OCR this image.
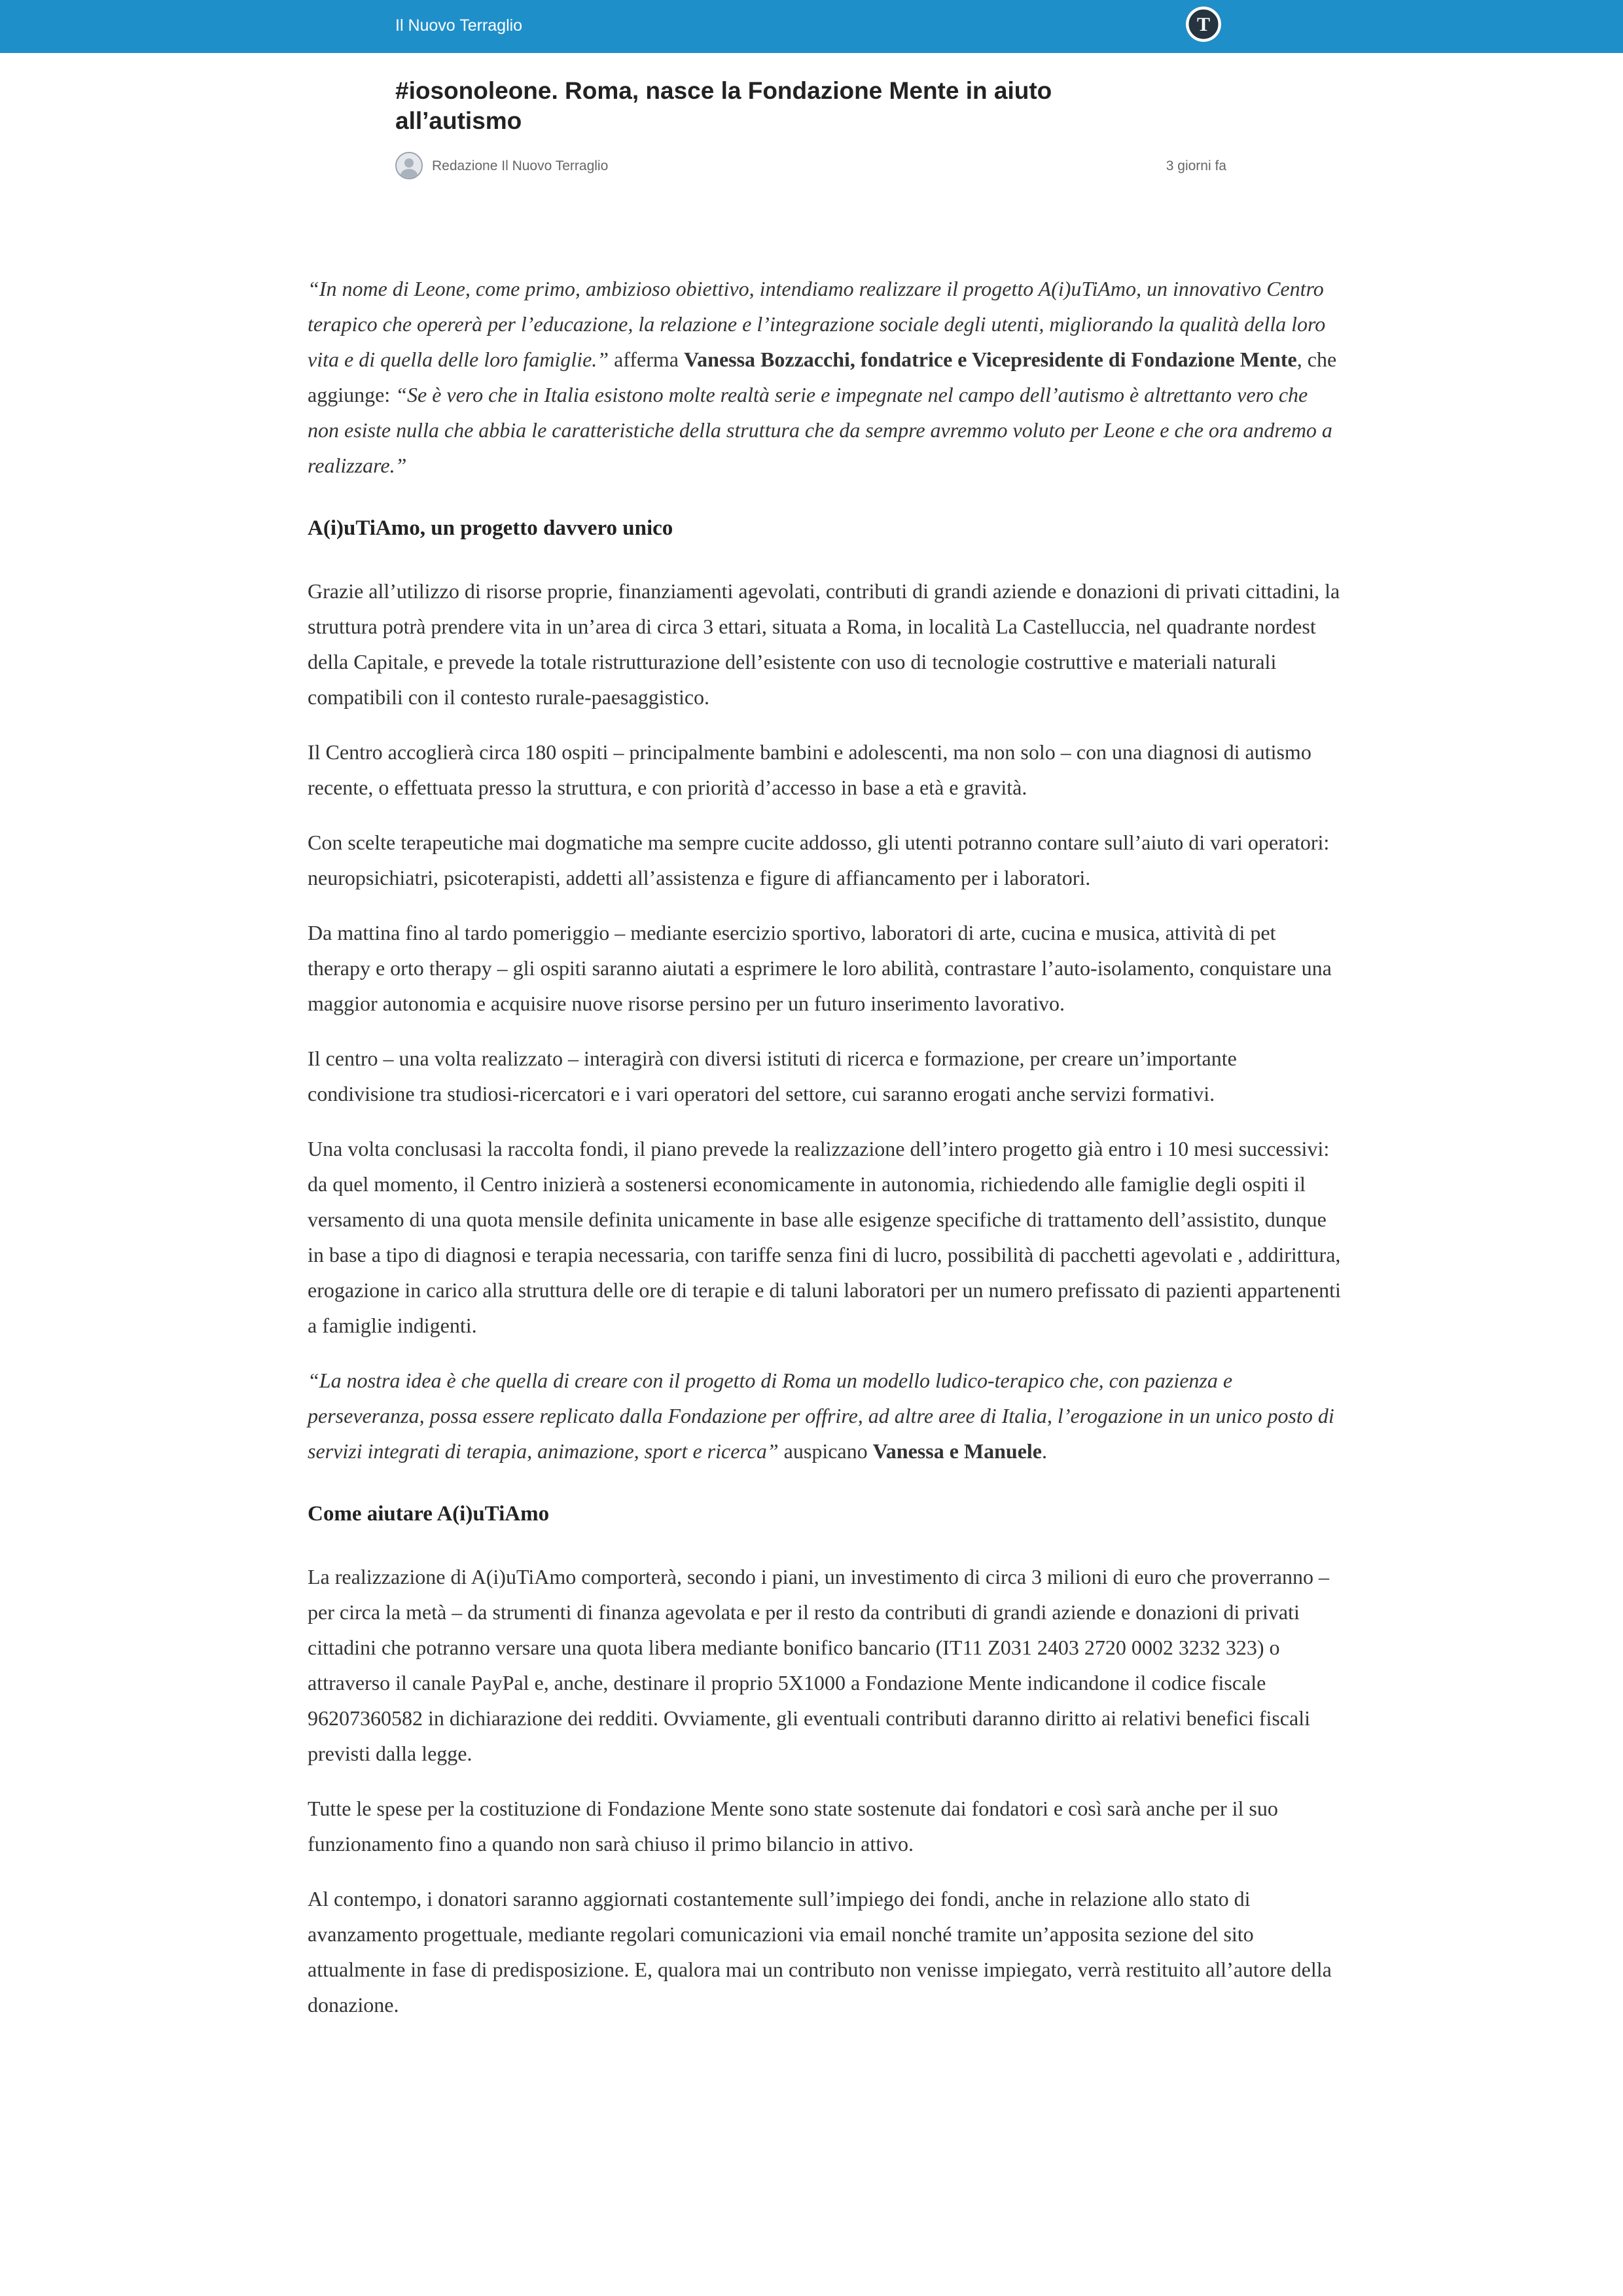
Il Nuovo Terraglio	T
#iosonoleone. Roma, nasce la Fondazione Mente in aiuto all’autismo
Redazione Il Nuovo Terraglio	3 giorni fa

“In nome di Leone, come primo, ambizioso obiettivo, intendiamo realizzare il progetto A(i)uTiAmo, un innovativo Centro terapico che opererà per l’educazione, la relazione e l’integrazione sociale degli utenti, migliorando la qualità della loro vita e di quella delle loro famiglie.” afferma Vanessa Bozzacchi, fondatrice e Vicepresidente di Fondazione Mente, che aggiunge: “Se è vero che in Italia esistono molte realtà serie e impegnate nel campo dell’autismo è altrettanto vero che non esiste nulla che abbia le caratteristiche della struttura che da sempre avremmo voluto per Leone e che ora andremo a realizzare.”

A(i)uTiAmo, un progetto davvero unico

Grazie all’utilizzo di risorse proprie, finanziamenti agevolati, contributi di grandi aziende e donazioni di privati cittadini, la struttura potrà prendere vita in un’area di circa 3 ettari, situata a Roma, in località La Castelluccia, nel quadrante nordest della Capitale, e prevede la totale ristrutturazione dell’esistente con uso di tecnologie costruttive e materiali naturali compatibili con il contesto rurale-paesaggistico.

Il Centro accoglierà circa 180 ospiti – principalmente bambini e adolescenti, ma non solo – con una diagnosi di autismo recente, o effettuata presso la struttura, e con priorità d’accesso in base a età e gravità.

Con scelte terapeutiche mai dogmatiche ma sempre cucite addosso, gli utenti potranno contare sull’aiuto di vari operatori: neuropsichiatri, psicoterapisti, addetti all’assistenza e figure di affiancamento per i laboratori.

Da mattina fino al tardo pomeriggio – mediante esercizio sportivo, laboratori di arte, cucina e musica, attività di pet therapy e orto therapy – gli ospiti saranno aiutati a esprimere le loro abilità, contrastare l’auto-isolamento, conquistare una maggior autonomia e acquisire nuove risorse persino per un futuro inserimento lavorativo.

Il centro – una volta realizzato – interagirà con diversi istituti di ricerca e formazione, per creare un’importante condivisione tra studiosi-ricercatori e i vari operatori del settore, cui saranno erogati anche servizi formativi.

Una volta conclusasi la raccolta fondi, il piano prevede la realizzazione dell’intero progetto già entro i 10 mesi successivi: da quel momento, il Centro inizierà a sostenersi economicamente in autonomia, richiedendo alle famiglie degli ospiti il versamento di una quota mensile definita unicamente in base alle esigenze specifiche di trattamento dell’assistito, dunque in base a tipo di diagnosi e terapia necessaria, con tariffe senza fini di lucro, possibilità di pacchetti agevolati e , addirittura, erogazione in carico alla struttura delle ore di terapie e di taluni laboratori per un numero prefissato di pazienti appartenenti a famiglie indigenti.

“La nostra idea è che quella di creare con il progetto di Roma un modello ludico-terapico che, con pazienza e perseveranza, possa essere replicato dalla Fondazione per offrire, ad altre aree di Italia, l’erogazione in un unico posto di servizi integrati di terapia, animazione, sport e ricerca” auspicano Vanessa e Manuele.

Come aiutare A(i)uTiAmo

La realizzazione di A(i)uTiAmo comporterà, secondo i piani, un investimento di circa 3 milioni di euro che proverranno – per circa la metà – da strumenti di finanza agevolata e per il resto da contributi di grandi aziende e donazioni di privati cittadini che potranno versare una quota libera mediante bonifico bancario (IT11 Z031 2403 2720 0002 3232 323) o attraverso il canale PayPal e, anche, destinare il proprio 5X1000 a Fondazione Mente indicandone il codice fiscale 96207360582 in dichiarazione dei redditi. Ovviamente, gli eventuali contributi daranno diritto ai relativi benefici fiscali previsti dalla legge.

Tutte le spese per la costituzione di Fondazione Mente sono state sostenute dai fondatori e così sarà anche per il suo funzionamento fino a quando non sarà chiuso il primo bilancio in attivo.

Al contempo, i donatori saranno aggiornati costantemente sull’impiego dei fondi, anche in relazione allo stato di avanzamento progettuale, mediante regolari comunicazioni via email nonché tramite un’apposita sezione del sito attualmente in fase di predisposizione. E, qualora mai un contributo non venisse impiegato, verrà restituito all’autore della donazione.
